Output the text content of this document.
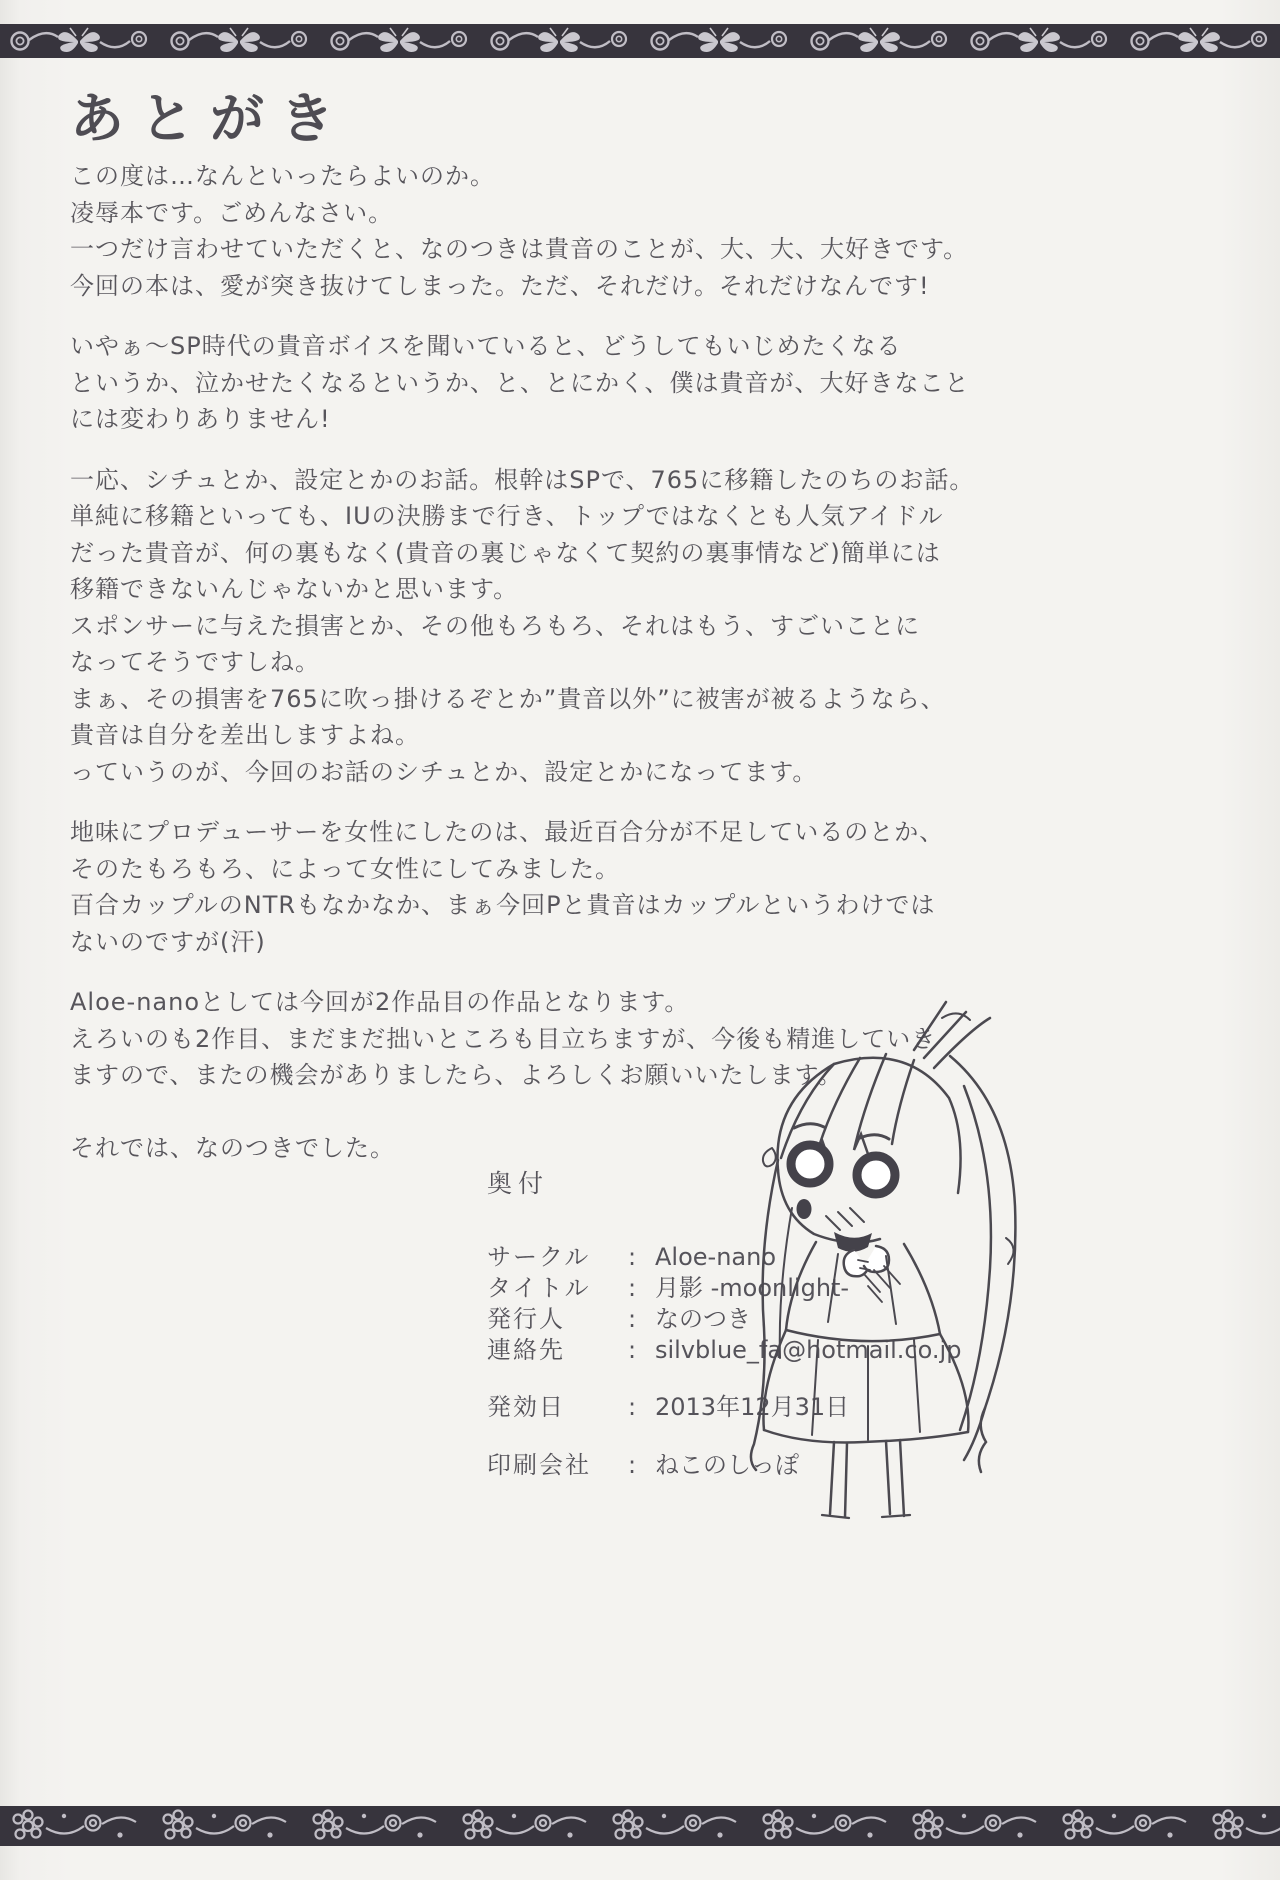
あとがき
この度は…なんといったらよいのか。
凌辱本です。ごめんなさい。
一つだけ言わせていただくと、なのつきは貴音のことが、大、大、大好きです。
今回の本は、愛が突き抜けてしまった。ただ、それだけ。それだけなんです!
いやぁ〜SP時代の貴音ボイスを聞いていると、どうしてもいじめたくなる
というか、泣かせたくなるというか、と、とにかく、僕は貴音が、大好きなこと
には変わりありません!
一応、シチュとか、設定とかのお話。根幹はSPで、765に移籍したのちのお話。
単純に移籍といっても、IUの決勝まで行き、トップではなくとも人気アイドル
だった貴音が、何の裏もなく(貴音の裏じゃなくて契約の裏事情など)簡単には
移籍できないんじゃないかと思います。
スポンサーに与えた損害とか、その他もろもろ、それはもう、すごいことに
なってそうですしね。
まぁ、その損害を765に吹っ掛けるぞとか”貴音以外”に被害が被るようなら、
貴音は自分を差出しますよね。
っていうのが、今回のお話のシチュとか、設定とかになってます。
地味にプロデューサーを女性にしたのは、最近百合分が不足しているのとか、
そのたもろもろ、によって女性にしてみました。
百合カップルのNTRもなかなか、まぁ今回Pと貴音はカップルというわけでは
ないのですが(汗)
Aloe-nanoとしては今回が2作品目の作品となります。
えろいのも2作目、まだまだ拙いところも目立ちますが、今後も精進していき
ますので、またの機会がありましたら、よろしくお願いいたします。
それでは、なのつきでした。
奥付
サークル	: Aloe-nano
タイトル	: 月影 -moonlight-
発行人	: なのつき
連絡先	: silvblue_fa@hotmail.co.jp
発効日	: 2013年12月31日
印刷会社	: ねこのしっぽ
